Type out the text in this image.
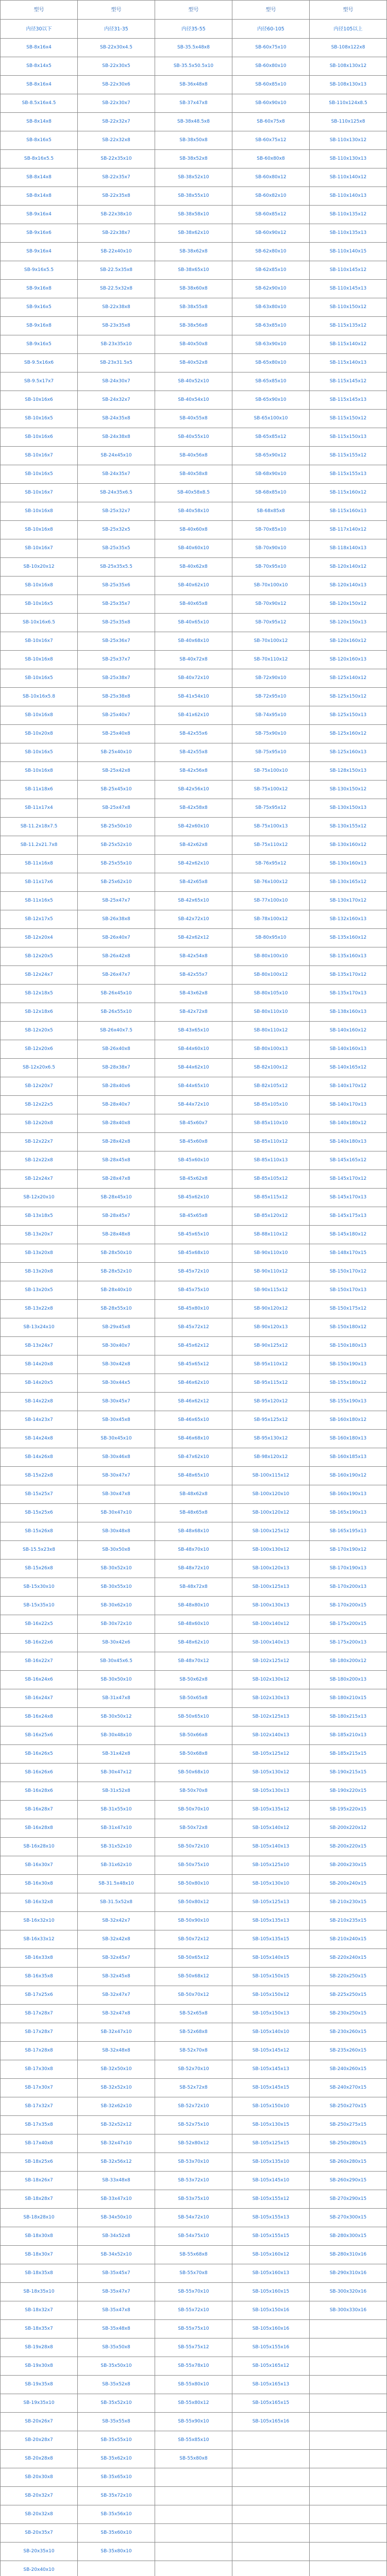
型号	型号	型号	型号	型号
内径30以下	内径31-35	内径35-55	内径60-105	内径105以上
SB-8x16x4	SB-22x30x4.5	SB-35.5x48x8	SB-60x75x10	SB-108x122x8
SB-8x14x5	SB-22x30x5	SB-35.5x50.5x10	SB-60x80x10	SB-108x130x12
SB-8x16x4	SB-22x30x6	SB-36x48x8	SB-60x85x10	SB-108x130x13
SB-8.5x16x4.5	SB-22x30x7	SB-37x47x8	SB-60x90x10	SB-110x124x8.5
SB-8x14x8	SB-22x32x7	SB-38x48.5x8	SB-60x75x8	SB-110x125x8
SB-8x16x5	SB-22x32x8	SB-38x50x8	SB-60x75x12	SB-110x130x12
SB-8x16x5.5	SB-22x35x10	SB-38x52x8	SB-60x80x8	SB-110x130x13
SB-8x14x8	SB-22x35x7	SB-38x52x10	SB-60x80x12	SB-110x140x12
SB-8x14x8	SB-22x35x8	SB-38x55x10	SB-60x82x10	SB-110x140x13
SB-9x16x4	SB-22x38x10	SB-38x58x10	SB-60x85x12	SB-110x135x12
SB-9x16x6	SB-22x38x7	SB-38x62x10	SB-60x90x12	SB-110x135x13
SB-9x16x4	SB-22x40x10	SB-38x62x8	SB-62x80x10	SB-110x140x15
SB-9x16x5.5	SB-22.5x35x8	SB-38x65x10	SB-62x85x10	SB-110x145x12
SB-9x16x8	SB-22.5x32x8	SB-38x60x8	SB-62x90x10	SB-110x145x13
SB-9x16x5	SB-22x38x8	SB-38x55x8	SB-63x80x10	SB-110x150x12
SB-9x16x8	SB-23x35x8	SB-38x56x8	SB-63x85x10	SB-115x135x12
SB-9x16x5	SB-23x35x10	SB-40x50x8	SB-63x90x10	SB-115x140x12
SB-9.5x16x6	SB-23x31.5x5	SB-40x52x8	SB-65x80x10	SB-115x140x13
SB-9.5x17x7	SB-24x30x7	SB-40x52x10	SB-65x85x10	SB-115x145x12
SB-10x16x6	SB-24x32x7	SB-40x54x10	SB-65x90x10	SB-115x145x13
SB-10x16x5	SB-24x35x8	SB-40x55x8	SB-65x100x10	SB-115x150x12
SB-10x16x6	SB-24x38x8	SB-40x55x10	SB-65x85x12	SB-115x150x13
SB-10x16x7	SB-24x45x10	SB-40x56x8	SB-65x90x12	SB-115x155x12
SB-10x16x5	SB-24x35x7	SB-40x58x8	SB-68x90x10	SB-115x155x13
SB-10x16x7	SB-24x35x6.5	SB-40x58x8.5	SB-68x85x10	SB-115x160x12
SB-10x16x8	SB-25x32x7	SB-40x58x10	SB-68x85x8	SB-115x160x13
SB-10x16x8	SB-25x32x5	SB-40x60x8	SB-70x85x10	SB-117x140x12
SB-10x16x7	SB-25x35x5	SB-40x60x10	SB-70x90x10	SB-118x140x13
SB-10x20x12	SB-25x35x5.5	SB-40x62x8	SB-70x95x10	SB-120x140x12
SB-10x16x8	SB-25x35x6	SB-40x62x10	SB-70x100x10	SB-120x140x13
SB-10x16x5	SB-25x35x7	SB-40x65x8	SB-70x90x12	SB-120x150x12
SB-10x16x6.5	SB-25x35x8	SB-40x65x10	SB-70x95x12	SB-120x150x13
SB-10x16x7	SB-25x36x7	SB-40x68x10	SB-70x100x12	SB-120x160x12
SB-10x16x8	SB-25x37x7	SB-40x72x8	SB-70x110x12	SB-120x160x13
SB-10x16x5	SB-25x38x7	SB-40x72x10	SB-72x90x10	SB-125x140x12
SB-10x16x5.8	SB-25x38x8	SB-41x54x10	SB-72x95x10	SB-125x150x12
SB-10x16x8	SB-25x40x7	SB-41x62x10	SB-74x95x10	SB-125x150x13
SB-10x20x8	SB-25x40x8	SB-42x55x6	SB-75x90x10	SB-125x160x12
SB-10x16x5	SB-25x40x10	SB-42x55x8	SB-75x95x10	SB-125x160x13
SB-10x16x8	SB-25x42x8	SB-42x56x8	SB-75x100x10	SB-128x150x13
SB-11x18x6	SB-25x45x10	SB-42x56x10	SB-75x100x12	SB-130x150x12
SB-11x17x4	SB-25x47x8	SB-42x58x8	SB-75x95x12	SB-130x150x13
SB-11.2x18x7.5	SB-25x50x10	SB-42x60x10	SB-75x100x13	SB-130x155x12
SB-11.2x21.7x8	SB-25x52x10	SB-42x62x8	SB-75x110x12	SB-130x160x12
SB-11x16x8	SB-25x55x10	SB-42x62x10	SB-76x95x12	SB-130x160x13
SB-11x17x6	SB-25x62x10	SB-42x65x8	SB-76x100x12	SB-130x165x12
SB-11x16x5	SB-25x47x7	SB-42x65x10	SB-77x100x10	SB-130x170x12
SB-12x17x5	SB-26x38x8	SB-42x72x10	SB-78x100x12	SB-132x160x13
SB-12x20x4	SB-26x40x7	SB-42x62x12	SB-80x95x10	SB-135x160x12
SB-12x20x5	SB-26x42x8	SB-42x54x8	SB-80x100x10	SB-135x160x13
SB-12x24x7	SB-26x47x7	SB-42x55x7	SB-80x100x12	SB-135x170x12
SB-12x18x5	SB-26x45x10	SB-43x62x8	SB-80x105x10	SB-135x170x13
SB-12x18x6	SB-26x55x10	SB-42x72x8	SB-80x110x10	SB-138x160x13
SB-12x20x5	SB-26x40x7.5	SB-43x65x10	SB-80x110x12	SB-140x160x12
SB-12x20x6	SB-26x40x8	SB-44x60x10	SB-80x100x13	SB-140x160x13
SB-12x20x6.5	SB-28x38x7	SB-44x62x10	SB-82x100x12	SB-140x165x12
SB-12x20x7	SB-28x40x6	SB-44x65x10	SB-82x105x12	SB-140x170x12
SB-12x22x5	SB-28x40x7	SB-44x72x10	SB-85x105x10	SB-140x170x13
SB-12x20x8	SB-28x40x8	SB-45x60x7	SB-85x110x10	SB-140x180x12
SB-12x22x7	SB-28x42x8	SB-45x60x8	SB-85x110x12	SB-140x180x13
SB-12x22x8	SB-28x45x8	SB-45x60x10	SB-85x110x13	SB-145x165x12
SB-12x24x7	SB-28x47x8	SB-45x62x8	SB-85x105x12	SB-145x170x12
SB-12x20x10	SB-28x45x10	SB-45x62x10	SB-85x115x12	SB-145x170x13
SB-13x18x5	SB-28x45x7	SB-45x65x8	SB-85x120x12	SB-145x175x13
SB-13x20x7	SB-28x48x8	SB-45x65x10	SB-88x110x12	SB-145x180x12
SB-13x20x8	SB-28x50x10	SB-45x68x10	SB-90x110x10	SB-148x170x15
SB-13x20x8	SB-28x52x10	SB-45x72x10	SB-90x110x12	SB-150x170x12
SB-13x20x5	SB-28x40x10	SB-45x75x10	SB-90x115x12	SB-150x170x13
SB-13x22x8	SB-28x55x10	SB-45x80x10	SB-90x120x12	SB-150x175x12
SB-13x24x10	SB-29x45x8	SB-45x72x12	SB-90x120x13	SB-150x180x12
SB-13x24x7	SB-30x40x7	SB-45x62x12	SB-90x125x12	SB-150x180x13
SB-14x20x8	SB-30x42x8	SB-45x65x12	SB-95x110x12	SB-150x190x13
SB-14x20x5	SB-30x44x5	SB-46x62x10	SB-95x115x12	SB-155x180x12
SB-14x22x8	SB-30x45x7	SB-46x62x12	SB-95x120x12	SB-155x190x13
SB-14x23x7	SB-30x45x8	SB-46x65x10	SB-95x125x12	SB-160x180x12
SB-14x24x8	SB-30x45x10	SB-46x68x10	SB-95x130x12	SB-160x180x13
SB-14x26x8	SB-30x46x8	SB-47x62x10	SB-98x120x12	SB-160x185x13
SB-15x22x8	SB-30x47x7	SB-48x65x10	SB-100x115x12	SB-160x190x12
SB-15x25x7	SB-30x47x8	SB-48x62x8	SB-100x120x10	SB-160x190x13
SB-15x25x6	SB-30x47x10	SB-48x65x8	SB-100x120x12	SB-165x190x13
SB-15x26x8	SB-30x48x8	SB-48x68x10	SB-100x125x12	SB-165x195x13
SB-15.5x23x8	SB-30x50x8	SB-48x70x10	SB-100x130x12	SB-170x190x12
SB-15x26x8	SB-30x52x10	SB-48x72x10	SB-100x120x13	SB-170x190x13
SB-15x30x10	SB-30x55x10	SB-48x72x8	SB-100x125x13	SB-170x200x13
SB-15x35x10	SB-30x62x10	SB-48x80x10	SB-100x130x13	SB-170x200x15
SB-16x22x5	SB-30x72x10	SB-48x60x10	SB-100x140x12	SB-175x200x15
SB-16x22x6	SB-30x42x6	SB-48x62x10	SB-100x140x13	SB-175x200x13
SB-16x22x7	SB-30x45x6.5	SB-48x70x12	SB-102x125x12	SB-180x200x12
SB-16x24x6	SB-30x50x10	SB-50x62x8	SB-102x130x12	SB-180x200x13
SB-16x24x7	SB-31x47x8	SB-50x65x8	SB-102x130x13	SB-180x210x15
SB-16x24x8	SB-30x50x12	SB-50x65x10	SB-102x125x13	SB-180x215x13
SB-16x25x6	SB-30x48x10	SB-50x66x8	SB-102x140x13	SB-185x210x13
SB-16x26x5	SB-31x42x8	SB-50x68x8	SB-105x125x12	SB-185x215x15
SB-16x26x6	SB-30x47x12	SB-50x68x10	SB-105x130x12	SB-190x215x15
SB-16x28x6	SB-31x52x8	SB-50x70x8	SB-105x130x13	SB-190x220x15
SB-16x28x7	SB-31x55x10	SB-50x70x10	SB-105x135x12	SB-195x220x15
SB-16x28x8	SB-31x47x10	SB-50x72x8	SB-105x140x12	SB-200x220x12
SB-16x28x10	SB-31x52x10	SB-50x72x10	SB-105x140x13	SB-200x220x15
SB-16x30x7	SB-31x62x10	SB-50x75x10	SB-105x125x10	SB-200x230x15
SB-16x30x8	SB-31.5x48x10	SB-50x80x10	SB-105x130x10	SB-200x240x15
SB-16x32x8	SB-31.5x52x8	SB-50x80x12	SB-105x125x13	SB-210x230x15
SB-16x32x10	SB-32x42x7	SB-50x90x10	SB-105x135x13	SB-210x235x15
SB-16x33x12	SB-32x42x8	SB-50x72x12	SB-105x135x15	SB-210x240x15
SB-16x33x8	SB-32x45x7	SB-50x65x12	SB-105x140x15	SB-220x240x15
SB-16x35x8	SB-32x45x8	SB-50x68x12	SB-105x150x15	SB-220x250x15
SB-17x25x6	SB-32x47x7	SB-50x70x12	SB-105x150x12	SB-225x250x15
SB-17x28x7	SB-32x47x8	SB-52x65x8	SB-105x150x13	SB-230x250x15
SB-17x28x7	SB-32x47x10	SB-52x68x8	SB-105x140x10	SB-230x260x15
SB-17x28x8	SB-32x48x8	SB-52x70x8	SB-105x145x12	SB-235x260x15
SB-17x30x8	SB-32x50x10	SB-52x70x10	SB-105x145x13	SB-240x260x15
SB-17x30x7	SB-32x52x10	SB-52x72x8	SB-105x145x15	SB-240x270x15
SB-17x32x7	SB-32x62x10	SB-52x72x10	SB-105x150x10	SB-250x270x15
SB-17x35x8	SB-32x52x12	SB-52x75x10	SB-105x130x15	SB-250x275x15
SB-17x40x8	SB-32x47x10	SB-52x80x12	SB-105x125x15	SB-250x280x15
SB-18x25x6	SB-32x56x12	SB-53x70x10	SB-105x135x10	SB-260x280x15
SB-18x26x7	SB-33x48x8	SB-53x72x10	SB-105x145x10	SB-260x290x15
SB-18x28x7	SB-33x47x10	SB-53x75x10	SB-105x155x12	SB-270x290x15
SB-18x28x10	SB-34x50x10	SB-54x72x10	SB-105x155x13	SB-270x300x15
SB-18x30x8	SB-34x52x8	SB-54x75x10	SB-105x155x15	SB-280x300x15
SB-18x30x7	SB-34x52x10	SB-55x68x8	SB-105x160x12	SB-280x310x16
SB-18x35x8	SB-35x45x7	SB-55x70x8	SB-105x160x13	SB-290x310x16
SB-18x35x10	SB-35x47x7	SB-55x70x10	SB-105x160x15	SB-300x320x16
SB-18x32x7	SB-35x47x8	SB-55x72x10	SB-105x150x16	SB-300x330x16
SB-18x35x7	SB-35x48x8	SB-55x75x10	SB-105x160x16	
SB-19x28x8	SB-35x50x8	SB-55x75x12	SB-105x155x16	
SB-19x30x8	SB-35x50x10	SB-55x78x10	SB-105x165x12	
SB-19x35x8	SB-35x52x8	SB-55x80x10	SB-105x165x13	
SB-19x35x10	SB-35x52x10	SB-55x80x12	SB-105x165x15	
SB-20x26x7	SB-35x55x8	SB-55x90x10	SB-105x165x16	
SB-20x28x7	SB-35x55x10	SB-55x85x10		
SB-20x28x8	SB-35x62x10	SB-55x80x8		
SB-20x30x8	SB-35x65x10			
SB-20x32x7	SB-35x72x10			
SB-20x32x8	SB-35x56x10			
SB-20x35x7	SB-35x60x10			
SB-20x35x10	SB-35x80x10			
SB-20x40x10				
